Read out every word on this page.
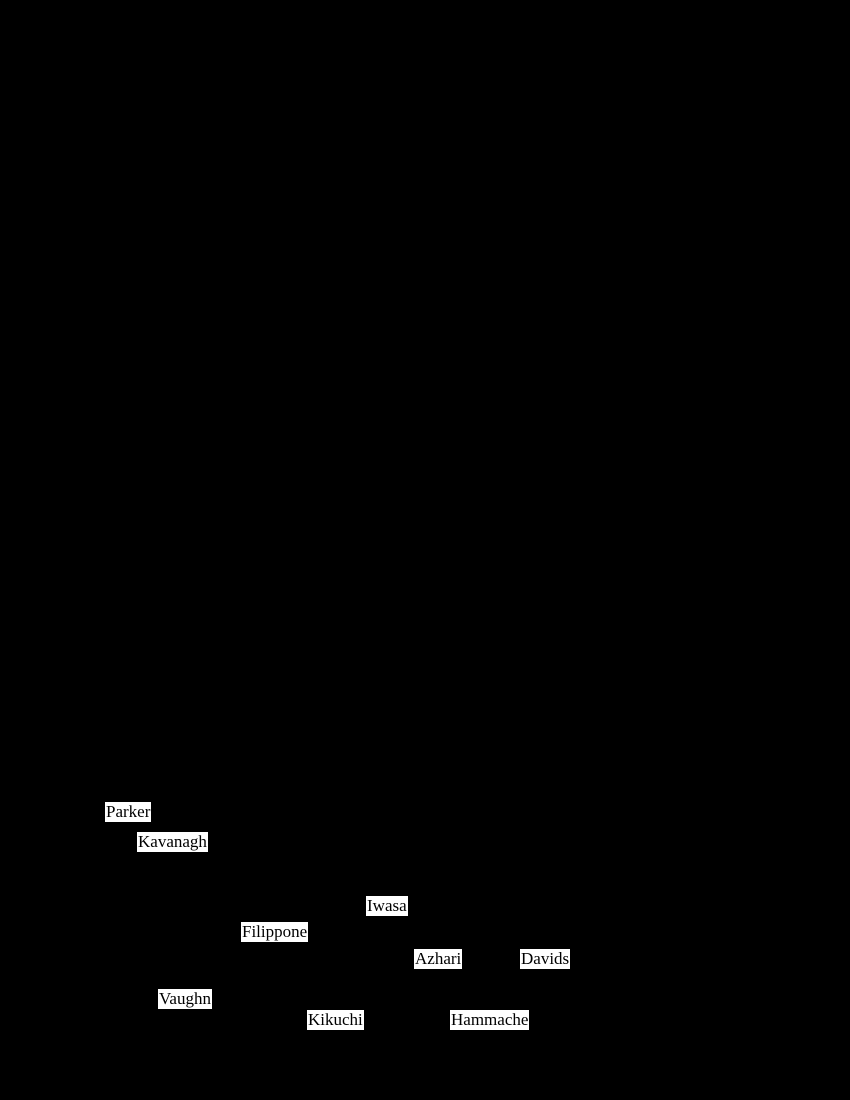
Parker
Kavanagh
Iwasa
Filippone
Azhari	Davids
Vaughn
Kikuchi	Hammache
